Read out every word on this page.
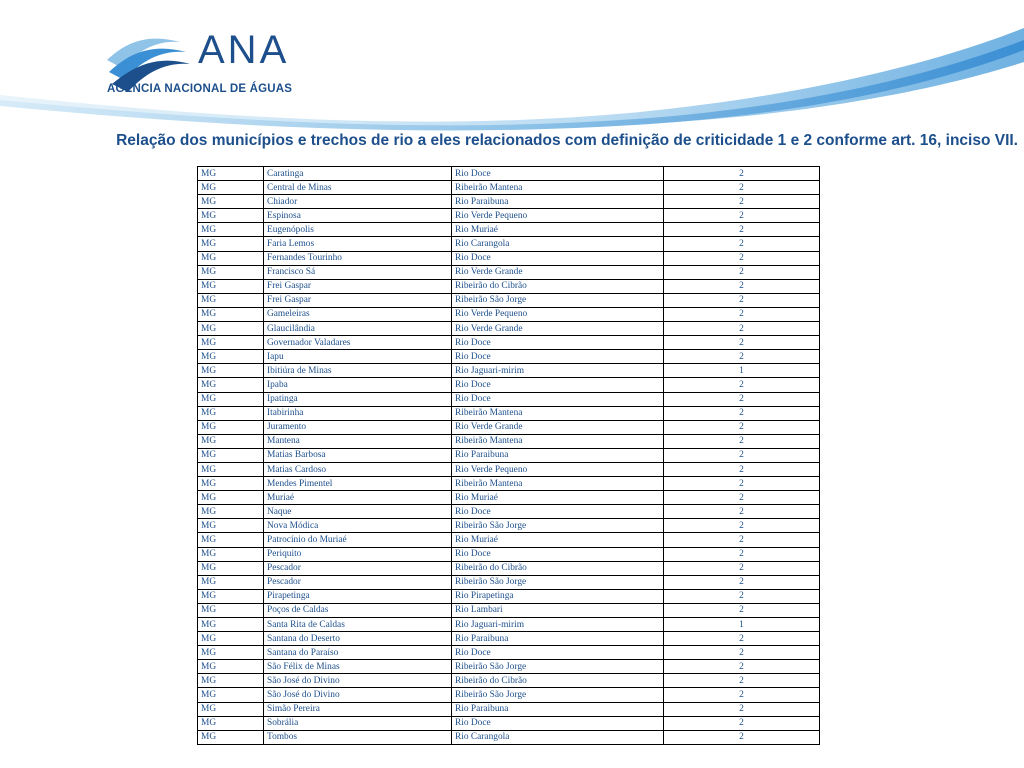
ANA
AGÊNCIA NACIONAL DE ÁGUAS
Relação dos municípios e trechos de rio a eles relacionados com definição de criticidade 1 e 2 conforme art. 16, inciso VII.
MG	Caratinga	Rio Doce	2
MG	Central de Minas	Ribeirão Mantena	2
MG	Chiador	Rio Paraibuna	2
MG	Espinosa	Rio Verde Pequeno	2
MG	Eugenópolis	Rio Muriaé	2
MG	Faria Lemos	Rio Carangola	2
MG	Fernandes Tourinho	Rio Doce	2
MG	Francisco Sá	Rio Verde Grande	2
MG	Frei Gaspar	Ribeirão do Cibrão	2
MG	Frei Gaspar	Ribeirão São Jorge	2
MG	Gameleiras	Rio Verde Pequeno	2
MG	Glaucilândia	Rio Verde Grande	2
MG	Governador Valadares	Rio Doce	2
MG	Iapu	Rio Doce	2
MG	Ibitiúra de Minas	Rio Jaguari-mirim	1
MG	Ipaba	Rio Doce	2
MG	Ipatinga	Rio Doce	2
MG	Itabirinha	Ribeirão Mantena	2
MG	Juramento	Rio Verde Grande	2
MG	Mantena	Ribeirão Mantena	2
MG	Matias Barbosa	Rio Paraibuna	2
MG	Matias Cardoso	Rio Verde Pequeno	2
MG	Mendes Pimentel	Ribeirão Mantena	2
MG	Muriaé	Rio Muriaé	2
MG	Naque	Rio Doce	2
MG	Nova Módica	Ribeirão São Jorge	2
MG	Patrocínio do Muriaé	Rio Muriaé	2
MG	Periquito	Rio Doce	2
MG	Pescador	Ribeirão do Cibrão	2
MG	Pescador	Ribeirão São Jorge	2
MG	Pirapetinga	Rio Pirapetinga	2
MG	Poços de Caldas	Rio Lambari	2
MG	Santa Rita de Caldas	Rio Jaguari-mirim	1
MG	Santana do Deserto	Rio Paraibuna	2
MG	Santana do Paraíso	Rio Doce	2
MG	São Félix de Minas	Ribeirão São Jorge	2
MG	São José do Divino	Ribeirão do Cibrão	2
MG	São José do Divino	Ribeirão São Jorge	2
MG	Simão Pereira	Rio Paraibuna	2
MG	Sobrália	Rio Doce	2
MG	Tombos	Rio Carangola	2
